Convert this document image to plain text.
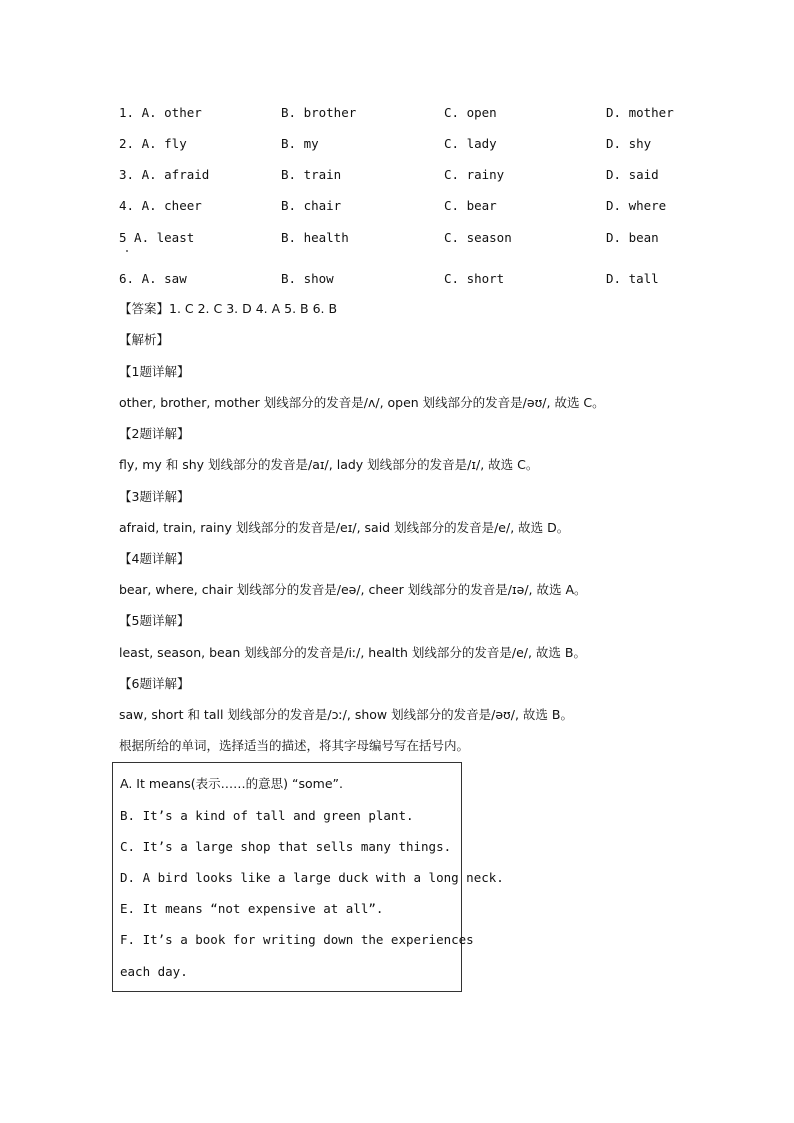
1. A. other	B. brother	C. open	D. mother
2. A. fly	B. my	C. lady	D. shy
3. A. afraid	B. train	C. rainy	D. said
4. A. cheer	B. chair	C. bear	D. where
5 A. least	B. health	C. season	D. bean
6. A. saw	B. show	C. short	D. tall
【答案】1. C 2. C 3. D 4. A 5. B 6. B
【解析】
【1题详解】
other, brother, mother 划线部分的发音是/ʌ/, open 划线部分的发音是/əʊ/, 故选 C。
【2题详解】
fly, my 和 shy 划线部分的发音是/aɪ/, lady 划线部分的发音是/ɪ/, 故选 C。
【3题详解】
afraid, train, rainy 划线部分的发音是/eɪ/, said 划线部分的发音是/e/, 故选 D。
【4题详解】
bear, where, chair 划线部分的发音是/eə/, cheer 划线部分的发音是/ɪə/, 故选 A。
【5题详解】
least, season, bean 划线部分的发音是/iː/, health 划线部分的发音是/e/, 故选 B。
【6题详解】
saw, short 和 tall 划线部分的发音是/ɔː/, show 划线部分的发音是/əʊ/, 故选 B。
根据所给的单词，选择适当的描述，将其字母编号写在括号内。
A. It means(表示……的意思) “some”.
B. It’s a kind of tall and green plant.
C. It’s a large shop that sells many things.
D. A bird looks like a large duck with a long neck.
E. It means “not expensive at all”.
F. It’s a book for writing down the experiences
each day.
